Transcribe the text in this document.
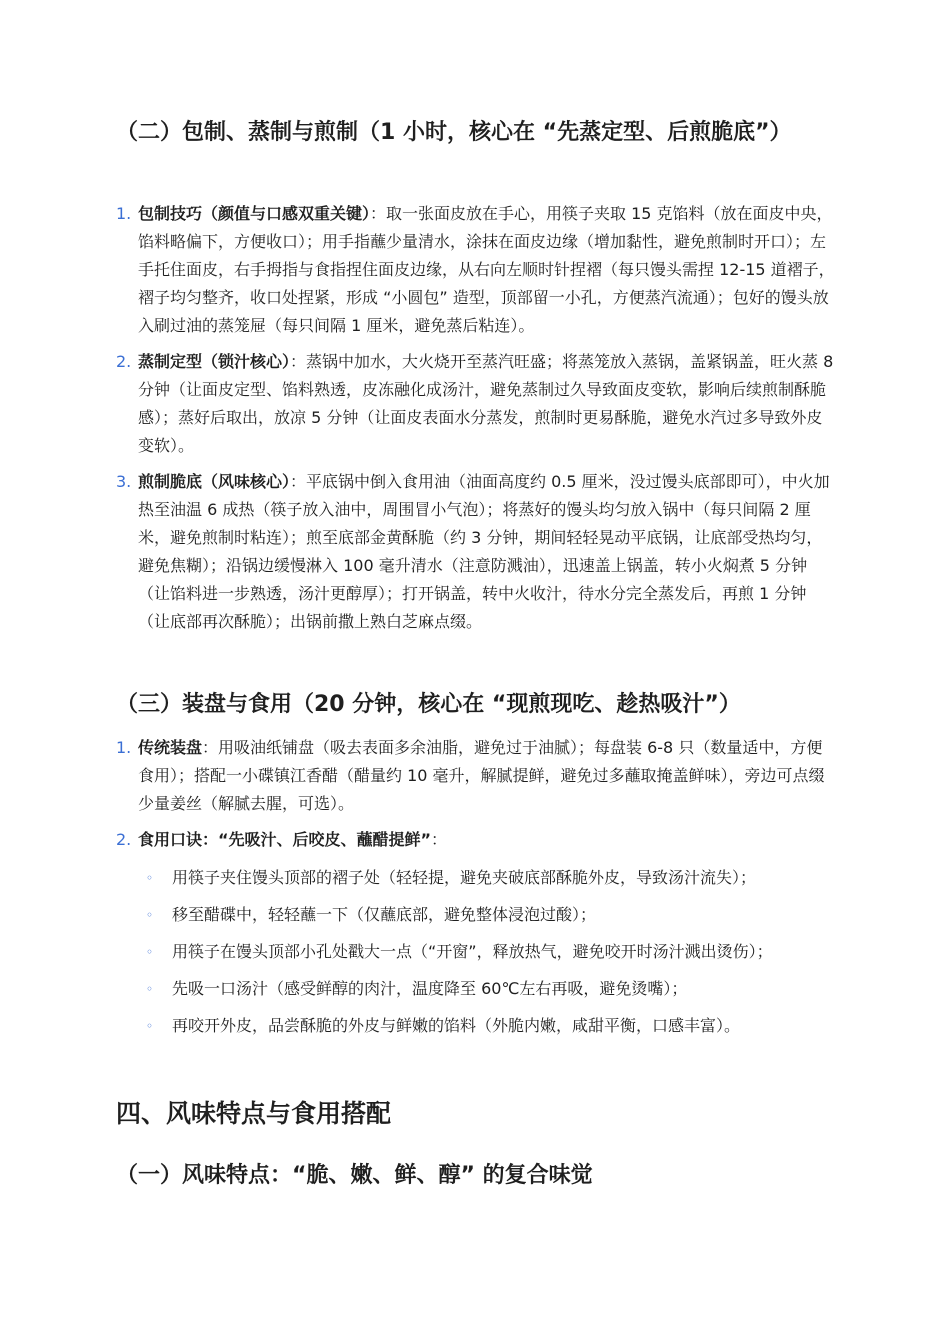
（二）包制、蒸制与煎制（1 小时，核心在 “先蒸定型、后煎脆底”）
1. 包制技巧（颜值与口感双重关键）：取一张面皮放在手心，用筷子夹取 15 克馅料（放在面皮中央，馅料略偏下，方便收口）；用手指蘸少量清水，涂抹在面皮边缘（增加黏性，避免煎制时开口）；左手托住面皮，右手拇指与食指捏住面皮边缘，从右向左顺时针捏褶（每只馒头需捏 12-15 道褶子，褶子均匀整齐，收口处捏紧，形成 “小圆包” 造型，顶部留一小孔，方便蒸汽流通）；包好的馒头放入刷过油的蒸笼屉（每只间隔 1 厘米，避免蒸后粘连）。
2. 蒸制定型（锁汁核心）：蒸锅中加水，大火烧开至蒸汽旺盛；将蒸笼放入蒸锅，盖紧锅盖，旺火蒸 8 分钟（让面皮定型、馅料熟透，皮冻融化成汤汁，避免蒸制过久导致面皮变软，影响后续煎制酥脆感）；蒸好后取出，放凉 5 分钟（让面皮表面水分蒸发，煎制时更易酥脆，避免水汽过多导致外皮变软）。
3. 煎制脆底（风味核心）：平底锅中倒入食用油（油面高度约 0.5 厘米，没过馒头底部即可），中火加热至油温 6 成热（筷子放入油中，周围冒小气泡）；将蒸好的馒头均匀放入锅中（每只间隔 2 厘米，避免煎制时粘连）；煎至底部金黄酥脆（约 3 分钟，期间轻轻晃动平底锅，让底部受热均匀，避免焦糊）；沿锅边缓慢淋入 100 毫升清水（注意防溅油），迅速盖上锅盖，转小火焖煮 5 分钟（让馅料进一步熟透，汤汁更醇厚）；打开锅盖，转中火收汁，待水分完全蒸发后，再煎 1 分钟（让底部再次酥脆）；出锅前撒上熟白芝麻点缀。
（三）装盘与食用（20 分钟，核心在 “现煎现吃、趁热吸汁”）
1. 传统装盘：用吸油纸铺盘（吸去表面多余油脂，避免过于油腻）；每盘装 6-8 只（数量适中，方便食用）；搭配一小碟镇江香醋（醋量约 10 毫升，解腻提鲜，避免过多蘸取掩盖鲜味），旁边可点缀少量姜丝（解腻去腥，可选）。
2. 食用口诀：“先吸汁、后咬皮、蘸醋提鲜”：
◦ 用筷子夹住馒头顶部的褶子处（轻轻提，避免夹破底部酥脆外皮，导致汤汁流失）；
◦ 移至醋碟中，轻轻蘸一下（仅蘸底部，避免整体浸泡过酸）；
◦ 用筷子在馒头顶部小孔处戳大一点（“开窗”，释放热气，避免咬开时汤汁溅出烫伤）；
◦ 先吸一口汤汁（感受鲜醇的肉汁，温度降至 60℃左右再吸，避免烫嘴）；
◦ 再咬开外皮，品尝酥脆的外皮与鲜嫩的馅料（外脆内嫩，咸甜平衡，口感丰富）。
四、风味特点与食用搭配
（一）风味特点：“脆、嫩、鲜、醇” 的复合味觉
